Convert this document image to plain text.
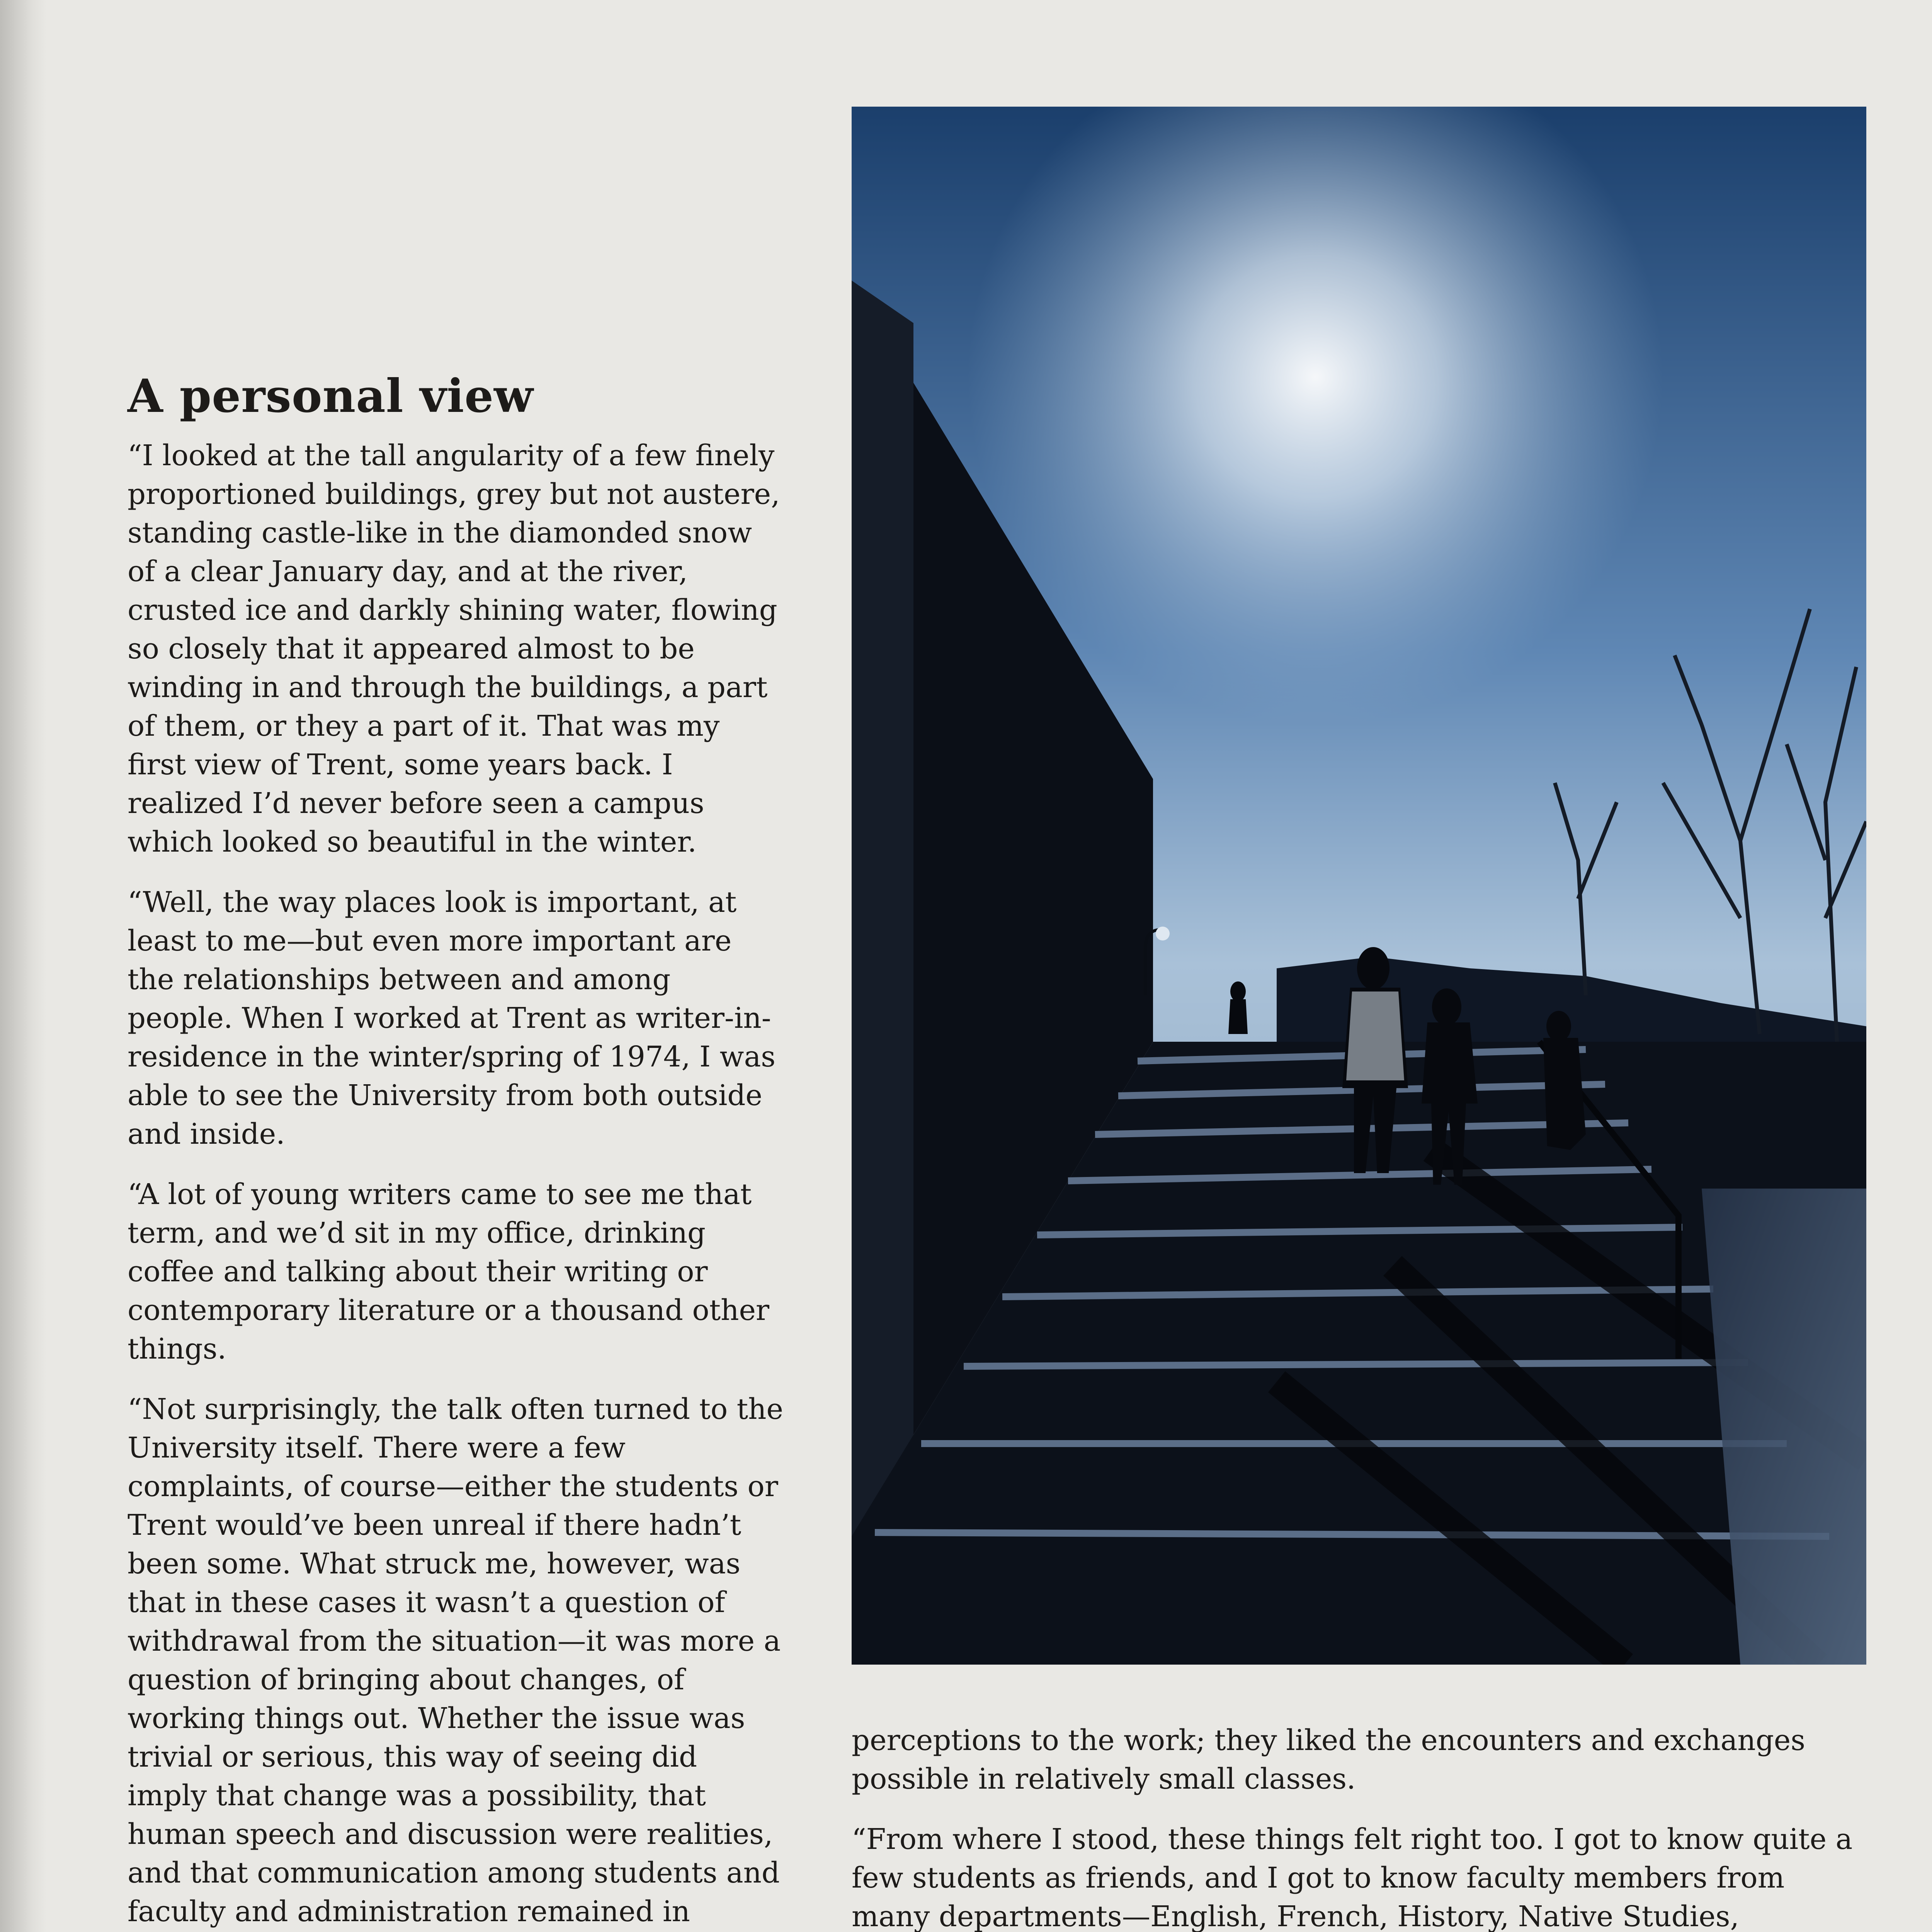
A personal view

“I looked at the tall angularity of a few finely proportioned buildings, grey but not austere, standing castle-like in the diamonded snow of a clear January day, and at the river, crusted ice and darkly shining water, flowing so closely that it appeared almost to be winding in and through the buildings, a part of them, or they a part of it. That was my first view of Trent, some years back. I realized I’d never before seen a campus which looked so beautiful in the winter.

“Well, the way places look is important, at least to me—but even more important are the relationships between and among people. When I worked at Trent as writer-in-residence in the winter/spring of 1974, I was able to see the University from both outside and inside.

“A lot of young writers came to see me that term, and we’d sit in my office, drinking coffee and talking about their writing or contemporary literature or a thousand other things.

“Not surprisingly, the talk often turned to the University itself. There were a few complaints, of course—either the students or Trent would’ve been unreal if there hadn’t been some. What struck me, however, was that in these cases it wasn’t a question of withdrawal from the situation—it was more a question of bringing about changes, of working things out. Whether the issue was trivial or serious, this way of seeing did imply that change was a possibility, that human speech and discussion were realities, and that communication among students and faculty and administration remained in

perceptions to the work; they liked the encounters and exchanges possible in relatively small classes.

“From where I stood, these things felt right too. I got to know quite a few students as friends, and I got to know faculty members from many departments—English, French, History, Native Studies,
